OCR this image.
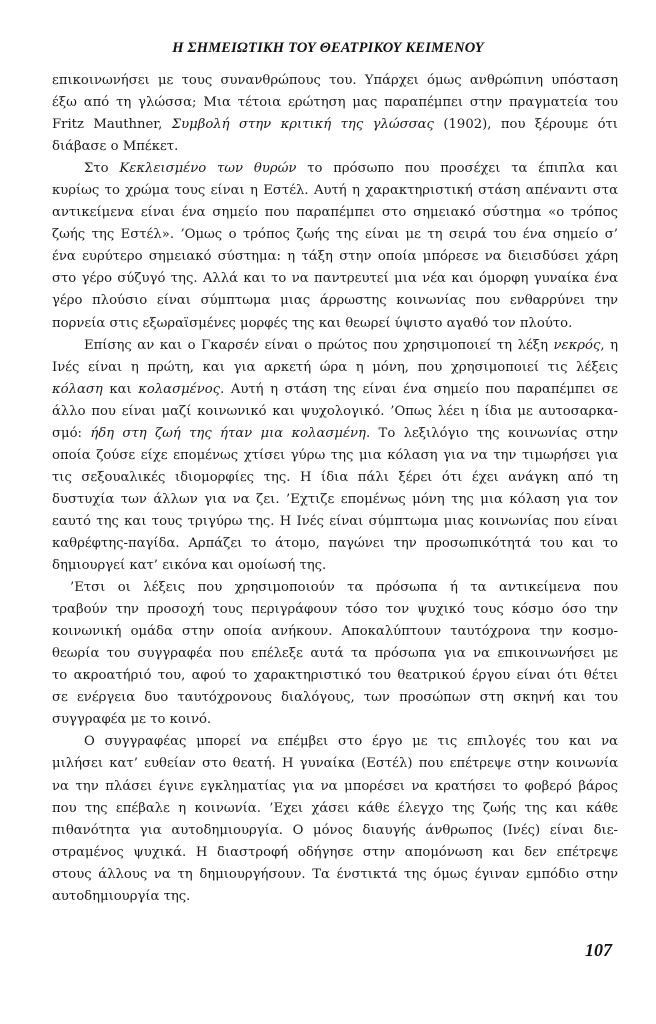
Η ΣΗΜΕΙΩΤΙΚΗ ΤΟΥ ΘΕΑΤΡΙΚΟΥ ΚΕΙΜΕΝΟΥ
επικοινωνήσει με τους συνανθρώπους του. Υπάρχει όμως ανθρώπινη υπόσταση
έξω από τη γλώσσα; Μια τέτοια ερώτηση μας παραπέμπει στην πραγματεία του
Fritz Mauthner, Συμβολή στην κριτική της γλώσσας (1902), που ξέρουμε ότι
διάβασε ο Μπέκετ.
Στο Κεκλεισμένο των θυρών το πρόσωπο που προσέχει τα έπιπλα και
κυρίως το χρώμα τους είναι η Εστέλ. Αυτή η χαρακτηριστική στάση απέναντι στα
αντικείμενα είναι ένα σημείο που παραπέμπει στο σημειακό σύστημα «ο τρόπος
ζωής της Εστέλ». ’Ομως ο τρόπος ζωής της είναι με τη σειρά του ένα σημείο σ’
ένα ευρύτερο σημειακό σύστημα: η τάξη στην οποία μπόρεσε να διεισδύσει χάρη
στο γέρο σύζυγό της. Αλλά και το να παντρευτεί μια νέα και όμορφη γυναίκα ένα
γέρο πλούσιο είναι σύμπτωμα μιας άρρωστης κοινωνίας που ενθαρρύνει την
πορνεία στις εξωραϊσμένες μορφές της και θεωρεί ύψιστο αγαθό τον πλούτο.
Επίσης αν και ο Γκαρσέν είναι ο πρώτος που χρησιμοποιεί τη λέξη νεκρός, η
Ινές είναι η πρώτη, και για αρκετή ώρα η μόνη, που χρησιμοποιεί τις λέξεις
κόλαση και κολασμένος. Αυτή η στάση της είναι ένα σημείο που παραπέμπει σε
άλλο που είναι μαζί κοινωνικό και ψυχολογικό. ’Οπως λέει η ίδια με αυτοσαρκα-
σμό: ήδη στη ζωή της ήταν μια κολασμένη. Το λεξιλόγιο της κοινωνίας στην
οποία ζούσε είχε επομένως χτίσει γύρω της μια κόλαση για να την τιμωρήσει για
τις σεξουαλικές ιδιομορφίες της. Η ίδια πάλι ξέρει ότι έχει ανάγκη από τη
δυστυχία των άλλων για να ζει. ’Εχτιζε επομένως μόνη της μια κόλαση για τον
εαυτό της και τους τριγύρω της. Η Ινές είναι σύμπτωμα μιας κοινωνίας που είναι
καθρέφτης-παγίδα. Αρπάζει το άτομο, παγώνει την προσωπικότητά του και το
δημιουργεί κατ’ εικόνα και ομοίωσή της.
’Ετσι οι λέξεις που χρησιμοποιούν τα πρόσωπα ή τα αντικείμενα που
τραβούν την προσοχή τους περιγράφουν τόσο τον ψυχικό τους κόσμο όσο την
κοινωνική ομάδα στην οποία ανήκουν. Αποκαλύπτουν ταυτόχρονα την κοσμο-
θεωρία του συγγραφέα που επέλεξε αυτά τα πρόσωπα για να επικοινωνήσει με
το ακροατήριό του, αφού το χαρακτηριστικό του θεατρικού έργου είναι ότι θέτει
σε ενέργεια δυο ταυτόχρονους διαλόγους, των προσώπων στη σκηνή και του
συγγραφέα με το κοινό.
Ο συγγραφέας μπορεί να επέμβει στο έργο με τις επιλογές του και να
μιλήσει κατ’ ευθείαν στο θεατή. Η γυναίκα (Εστέλ) που επέτρεψε στην κοινωνία
να την πλάσει έγινε εγκληματίας για να μπορέσει να κρατήσει το φοβερό βάρος
που της επέβαλε η κοινωνία. ’Εχει χάσει κάθε έλεγχο της ζωής της και κάθε
πιθανότητα για αυτοδημιουργία. Ο μόνος διαυγής άνθρωπος (Ινές) είναι διε-
στραμένος ψυχικά. Η διαστροφή οδήγησε στην απομόνωση και δεν επέτρεψε
στους άλλους να τη δημιουργήσουν. Τα ένστικτά της όμως έγιναν εμπόδιο στην
αυτοδημιουργία της.
107
